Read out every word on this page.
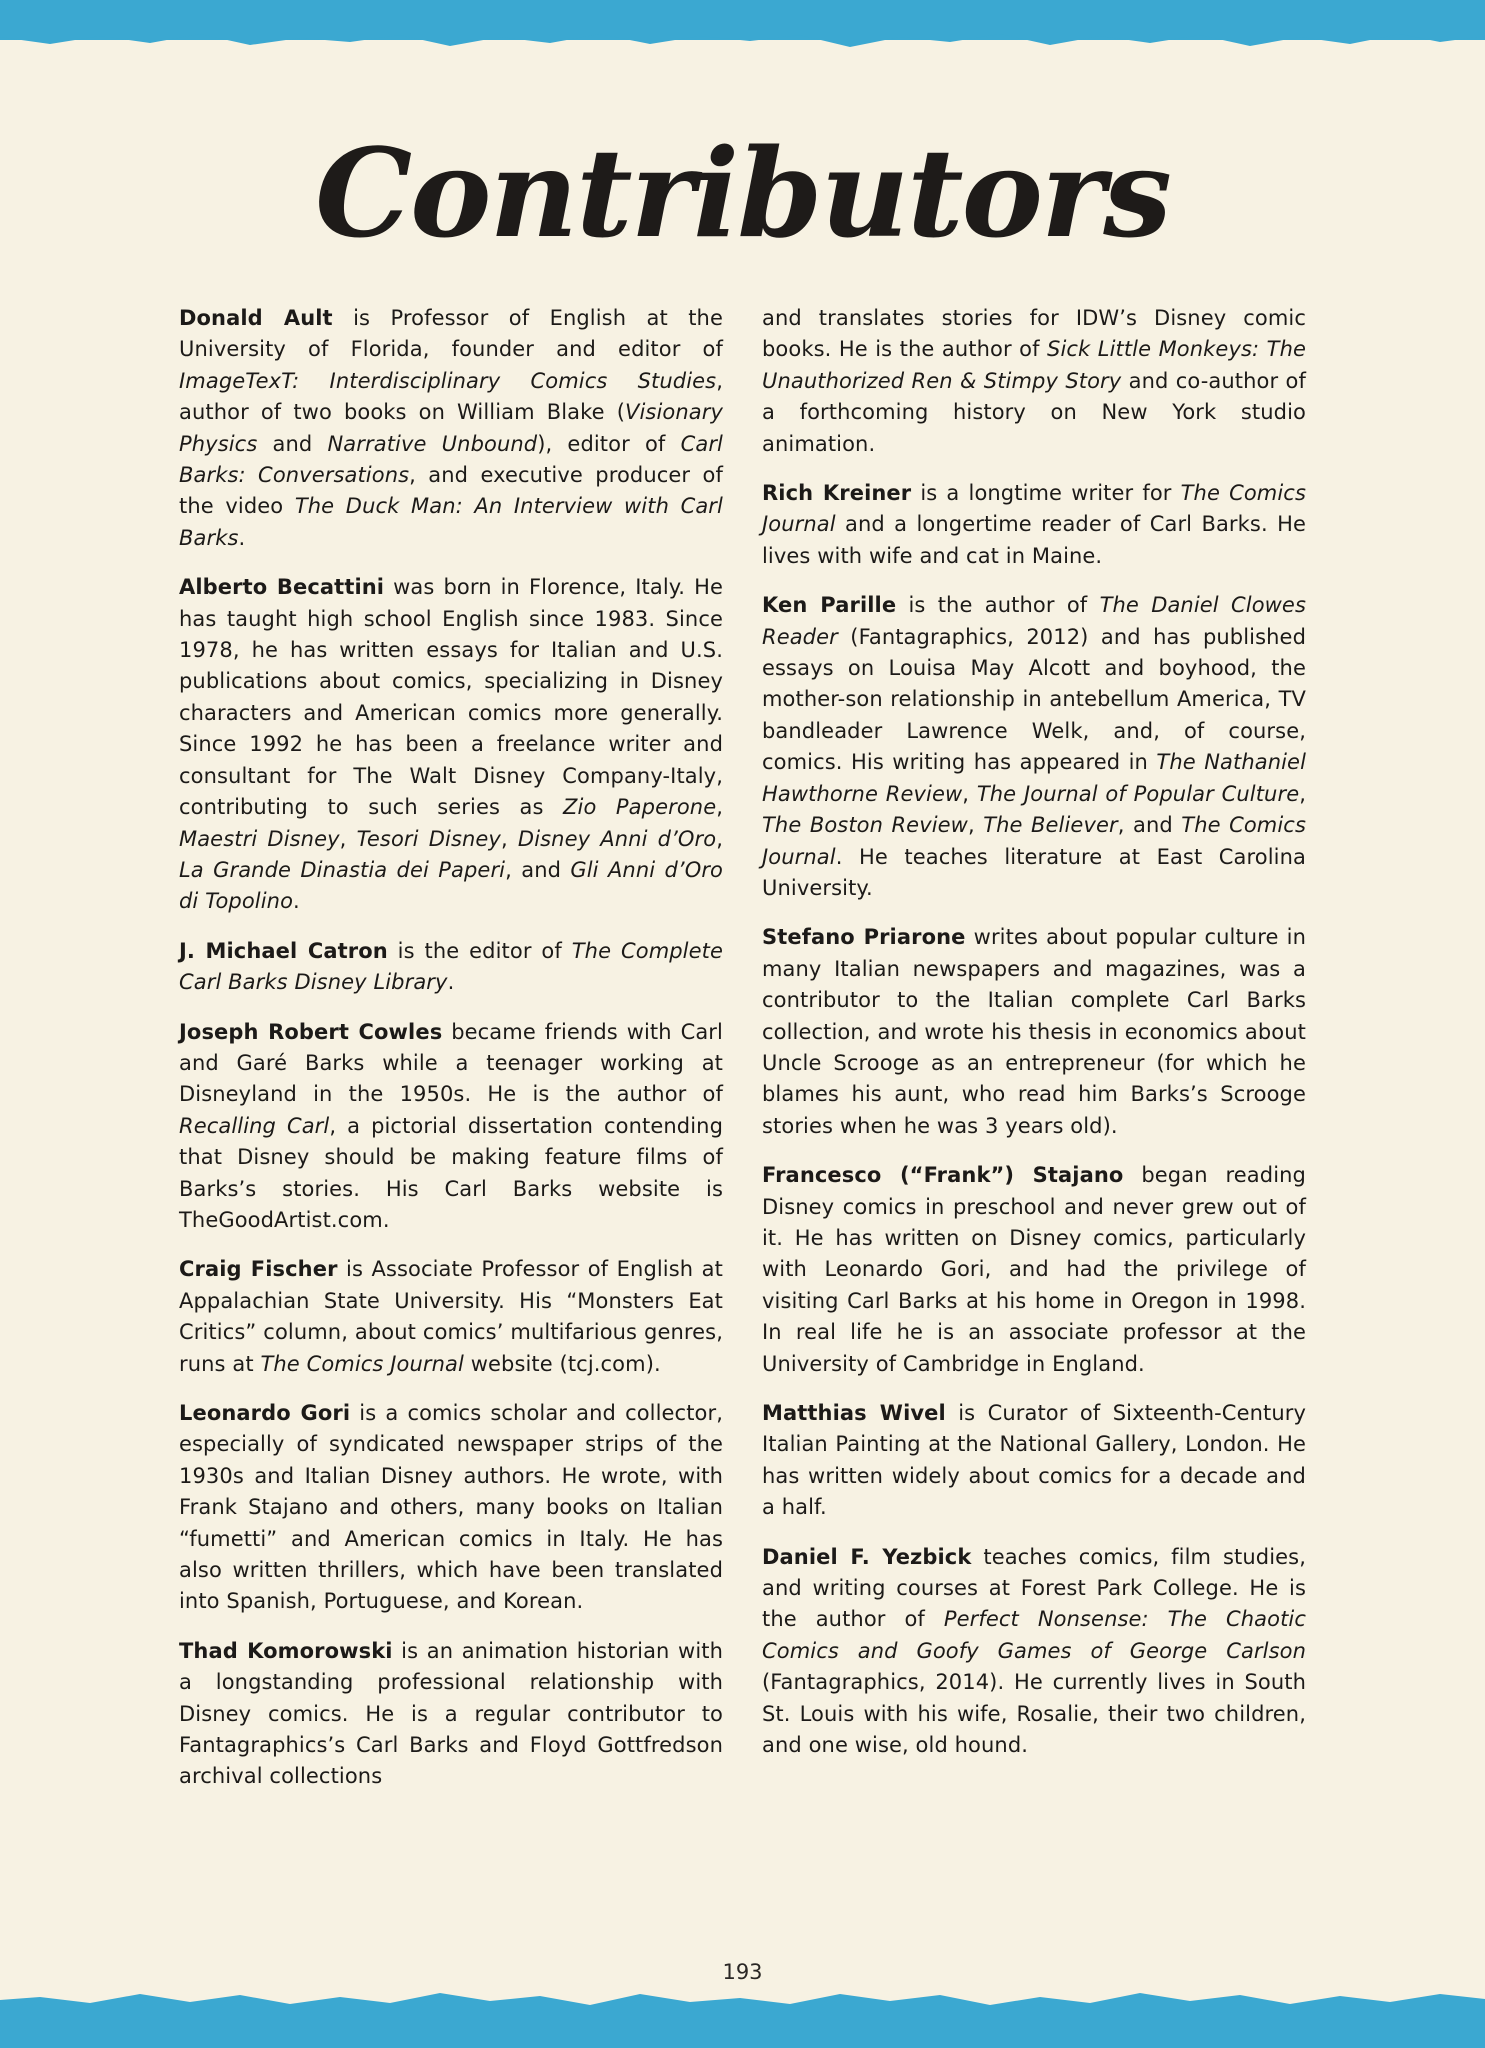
Contributors

Donald Ault is Professor of English at the University of Florida, founder and editor of ImageTexT: Interdisciplinary Comics Studies, author of two books on William Blake (Visionary Physics and Narrative Unbound), editor of Carl Barks: Conversations, and executive producer of the video The Duck Man: An Interview with Carl Barks.

Alberto Becattini was born in Florence, Italy. He has taught high school English since 1983. Since 1978, he has written essays for Italian and U.S. publications about comics, specializing in Disney characters and American comics more generally. Since 1992 he has been a freelance writer and consultant for The Walt Disney Company-Italy, contributing to such series as Zio Paperone, Maestri Disney, Tesori Disney, Disney Anni d’Oro, La Grande Dinastia dei Paperi, and Gli Anni d’Oro di Topolino.

J. Michael Catron is the editor of The Complete Carl Barks Disney Library.

Joseph Robert Cowles became friends with Carl and Garé Barks while a teenager working at Disneyland in the 1950s. He is the author of Recalling Carl, a pictorial dissertation contending that Disney should be making feature films of Barks’s stories. His Carl Barks website is TheGoodArtist.com.

Craig Fischer is Associate Professor of English at Appalachian State University. His “Monsters Eat Critics” column, about comics’ multifarious genres, runs at The Comics Journal website (tcj.com).

Leonardo Gori is a comics scholar and collector, especially of syndicated newspaper strips of the 1930s and Italian Disney authors. He wrote, with Frank Stajano and others, many books on Italian “fumetti” and American comics in Italy. He has also written thrillers, which have been translated into Spanish, Portuguese, and Korean.

Thad Komorowski is an animation historian with a longstanding professional relationship with Disney comics. He is a regular contributor to Fantagraphics’s Carl Barks and Floyd Gottfredson archival collections

and translates stories for IDW’s Disney comic books. He is the author of Sick Little Monkeys: The Unauthorized Ren & Stimpy Story and co-author of a forthcoming history on New York studio animation.

Rich Kreiner is a longtime writer for The Comics Journal and a longertime reader of Carl Barks. He lives with wife and cat in Maine.

Ken Parille is the author of The Daniel Clowes Reader (Fantagraphics, 2012) and has published essays on Louisa May Alcott and boyhood, the mother-son relationship in antebellum America, TV bandleader Lawrence Welk, and, of course, comics. His writing has appeared in The Nathaniel Hawthorne Review, The Journal of Popular Culture, The Boston Review, The Believer, and The Comics Journal. He teaches literature at East Carolina University.

Stefano Priarone writes about popular culture in many Italian newspapers and magazines, was a contributor to the Italian complete Carl Barks collection, and wrote his thesis in economics about Uncle Scrooge as an entrepreneur (for which he blames his aunt, who read him Barks’s Scrooge stories when he was 3 years old).

Francesco (“Frank”) Stajano began reading Disney comics in preschool and never grew out of it. He has written on Disney comics, particularly with Leonardo Gori, and had the privilege of visiting Carl Barks at his home in Oregon in 1998. In real life he is an associate professor at the University of Cambridge in England.

Matthias Wivel is Curator of Sixteenth-Century Italian Painting at the National Gallery, London. He has written widely about comics for a decade and a half.

Daniel F. Yezbick teaches comics, film studies, and writing courses at Forest Park College. He is the author of Perfect Nonsense: The Chaotic Comics and Goofy Games of George Carlson (Fantagraphics, 2014). He currently lives in South St. Louis with his wife, Rosalie, their two children, and one wise, old hound.

193
